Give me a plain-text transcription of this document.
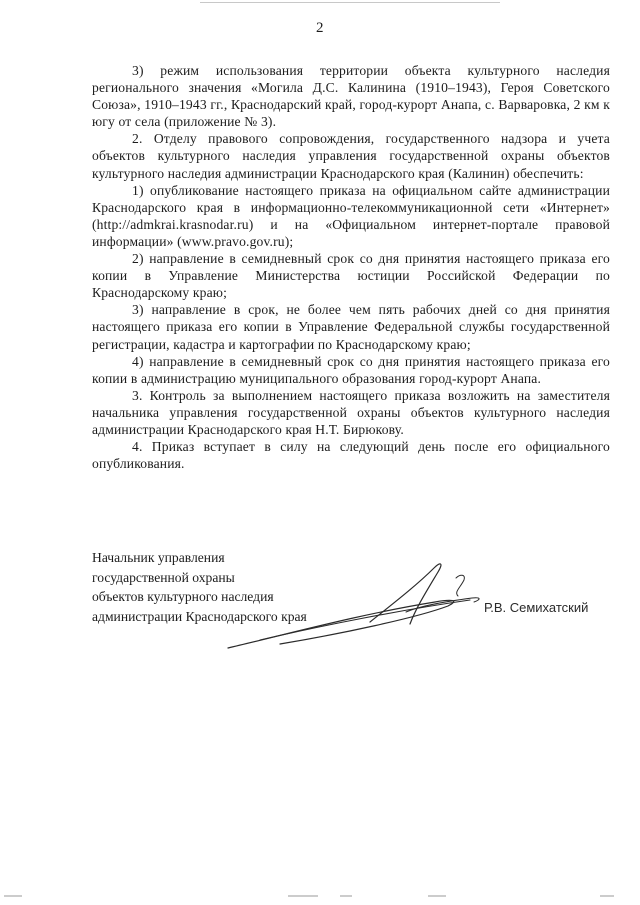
2

3) режим использования территории объекта культурного наследия регионального значения «Могила Д.С. Калинина (1910–1943), Героя Советского Союза», 1910–1943 гг., Краснодарский край, город-курорт Анапа, с. Варваровка, 2 км к югу от села (приложение № 3).

2. Отделу правового сопровождения, государственного надзора и учета объектов культурного наследия управления государственной охраны объектов культурного наследия администрации Краснодарского края (Калинин) обеспечить:

1) опубликование настоящего приказа на официальном сайте администрации Краснодарского края в информационно-телекоммуникационной сети «Интернет» (http://admkrai.krasnodar.ru) и на «Официальном интернет-портале правовой информации» (www.pravo.gov.ru);

2) направление в семидневный срок со дня принятия настоящего приказа его копии в Управление Министерства юстиции Российской Федерации по Краснодарскому краю;

3) направление в срок, не более чем пять рабочих дней со дня принятия настоящего приказа его копии в Управление Федеральной службы государственной регистрации, кадастра и картографии по Краснодарскому краю;

4) направление в семидневный срок со дня принятия настоящего приказа его копии в администрацию муниципального образования город-курорт Анапа.

3. Контроль за выполнением настоящего приказа возложить на заместителя начальника управления государственной охраны объектов культурного наследия администрации Краснодарского края Н.Т. Бирюкову.

4. Приказ вступает в силу на следующий день после его официального опубликования.

Начальник управления
государственной охраны
объектов культурного наследия
администрации Краснодарского края
Р.В. Семихатский
